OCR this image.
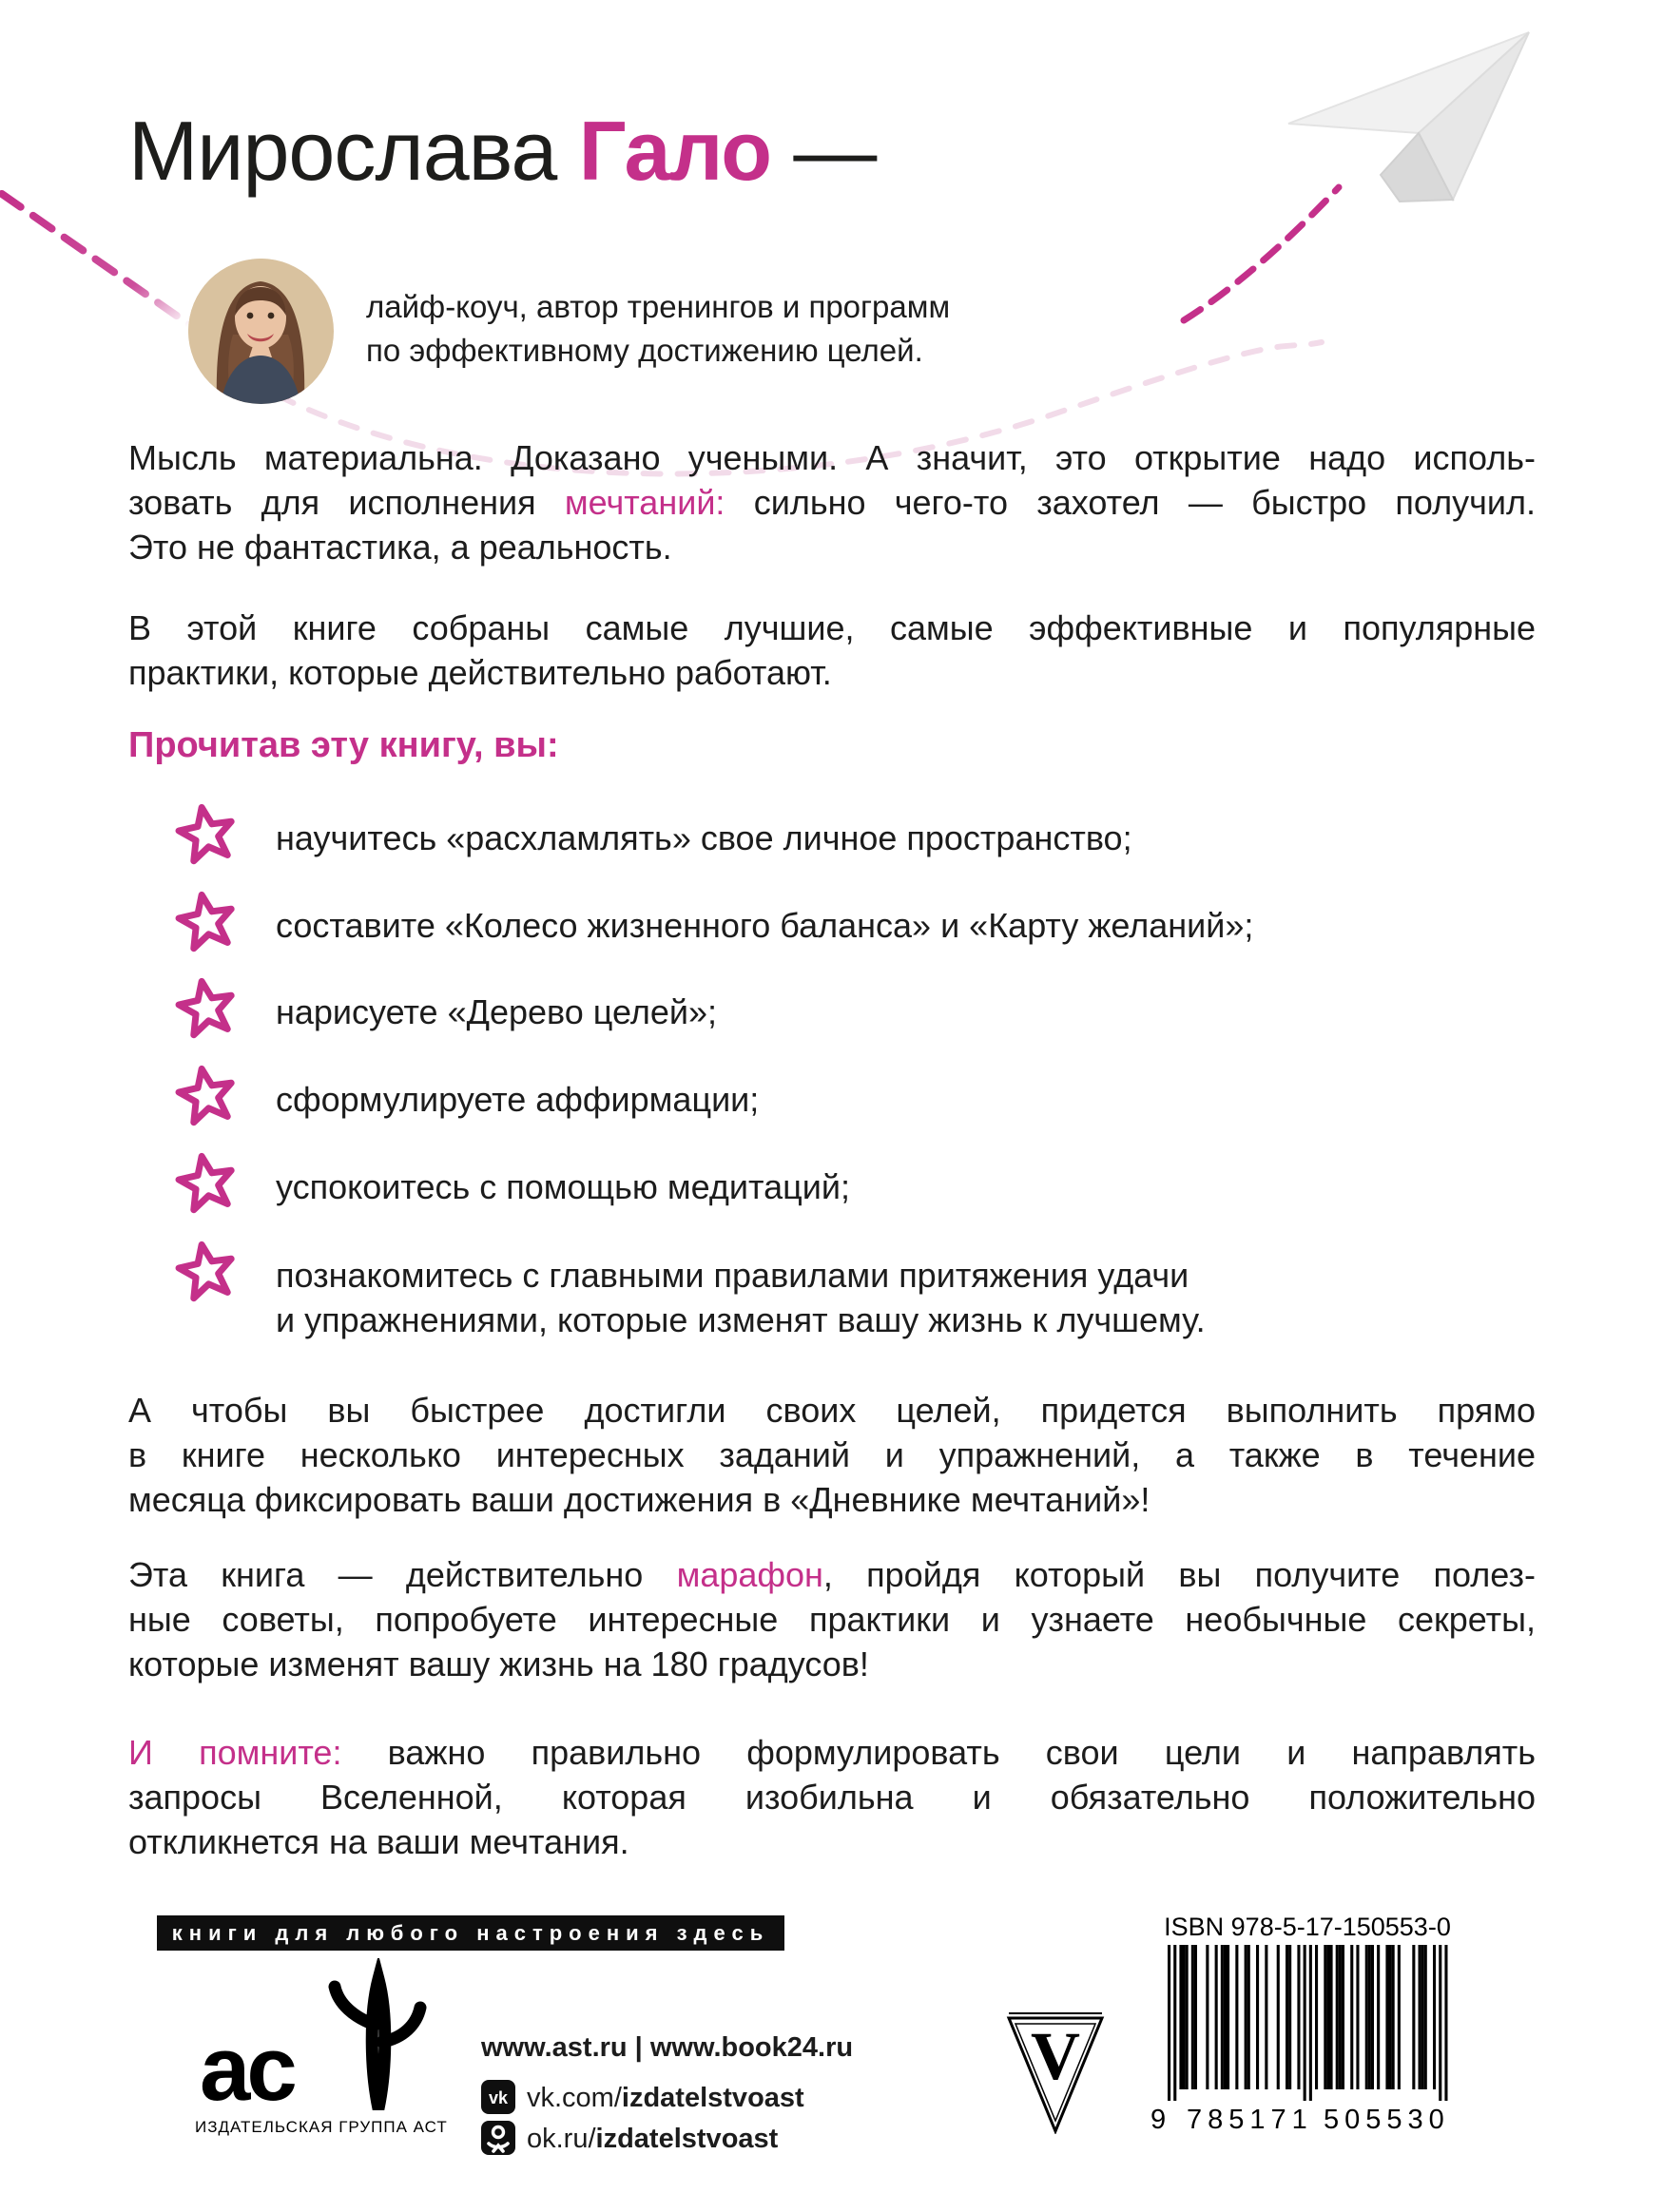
Мирослава Гало —
лайф-коуч, автор тренингов и программ
по эффективному достижению целей.
Мысль материальна. Доказано учеными. А значит, это открытие надо исполь-
зовать для исполнения мечтаний: сильно чего-то захотел — быстро получил.
Это не фантастика, а реальность.
В этой книге собраны самые лучшие, самые эффективные и популярные
практики, которые действительно работают.
Прочитав эту книгу, вы:
научитесь «расхламлять» свое личное пространство;
составите «Колесо жизненного баланса» и «Карту желаний»;
нарисуете «Дерево целей»;
сформулируете аффирмации;
успокоитесь с помощью медитаций;
познакомитесь с главными правилами притяжения удачи
и упражнениями, которые изменят вашу жизнь к лучшему.
А чтобы вы быстрее достигли своих целей, придется выполнить прямо
в книге несколько интересных заданий и упражнений, а также в течение
месяца фиксировать ваши достижения в «Дневнике мечтаний»!
Эта книга — действительно марафон, пройдя который вы получите полез-
ные советы, попробуете интересные практики и узнаете необычные секреты,
которые изменят вашу жизнь на 180 градусов!
И помните: важно правильно формулировать свои цели и направлять
запросы Вселенной, которая изобильна и обязательно положительно
откликнется на ваши мечтания.
книги для любого настроения здесь
ас
ИЗДАТЕЛЬСКАЯ ГРУППА АСТ
www.ast.ru | www.book24.ru
vk vk.com/izdatelstvoast
ok.ru/izdatelstvoast
ISBN 978-5-17-150553-0
9 785171 505530
V
